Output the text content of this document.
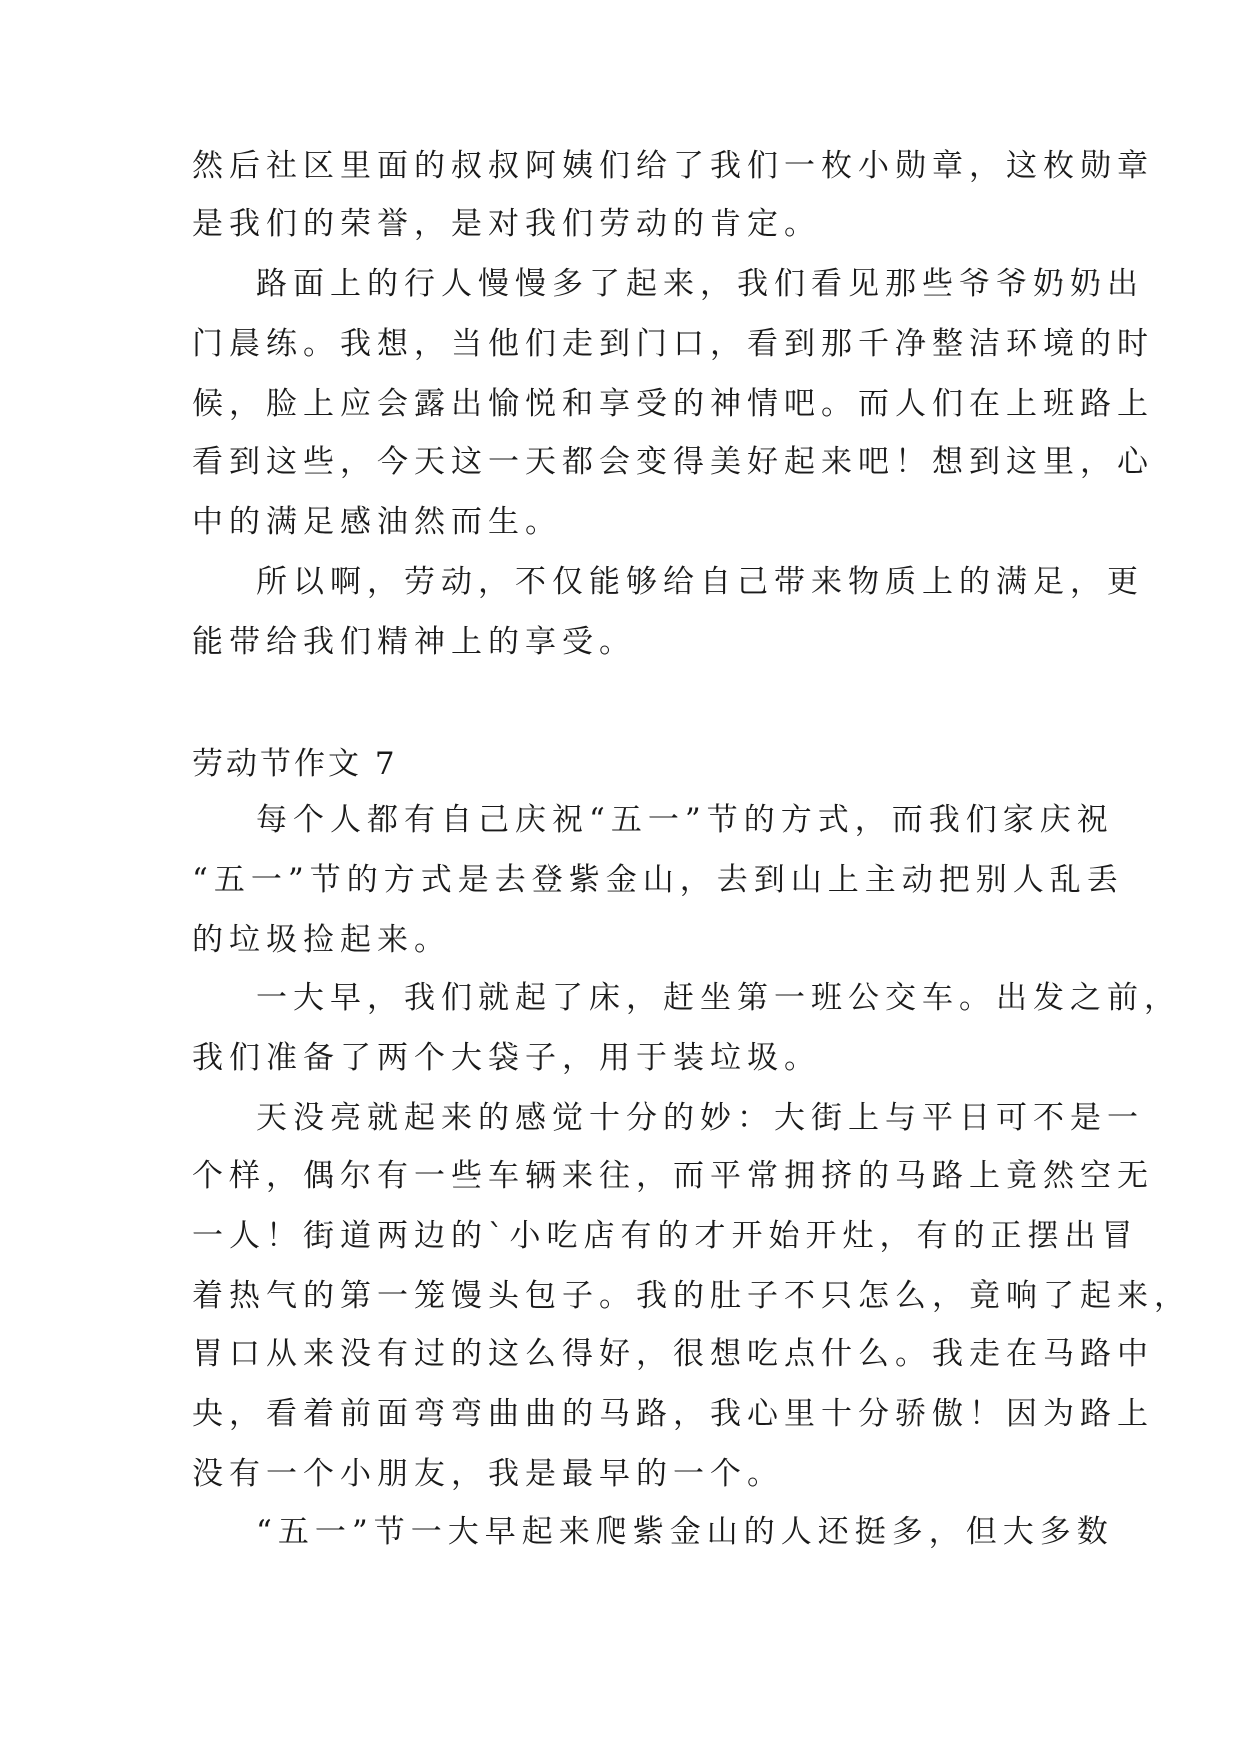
然后社区里面的叔叔阿姨们给了我们一枚小勋章，这枚勋章
是我们的荣誉，是对我们劳动的肯定。
路面上的行人慢慢多了起来，我们看见那些爷爷奶奶出
门晨练。我想，当他们走到门口，看到那千净整洁环境的时
候，脸上应会露出愉悦和享受的神情吧。而人们在上班路上
看到这些，今天这一天都会变得美好起来吧！想到这里，心
中的满足感油然而生。
所以啊，劳动，不仅能够给自己带来物质上的满足，更
能带给我们精神上的享受。
劳动节作文 7
每个人都有自己庆祝“五一”节的方式，而我们家庆祝
“五一”节的方式是去登紫金山，去到山上主动把别人乱丢
的垃圾捡起来。
一大早，我们就起了床，赶坐第一班公交车。出发之前，
我们准备了两个大袋子，用于装垃圾。
天没亮就起来的感觉十分的妙：大街上与平日可不是一
个样，偶尔有一些车辆来往，而平常拥挤的马路上竟然空无
一人！街道两边的`小吃店有的才开始开灶，有的正摆出冒
着热气的第一笼馒头包子。我的肚子不只怎么，竟响了起来，
胃口从来没有过的这么得好，很想吃点什么。我走在马路中
央，看着前面弯弯曲曲的马路，我心里十分骄傲！因为路上
没有一个小朋友，我是最早的一个。
“五一”节一大早起来爬紫金山的人还挺多，但大多数
